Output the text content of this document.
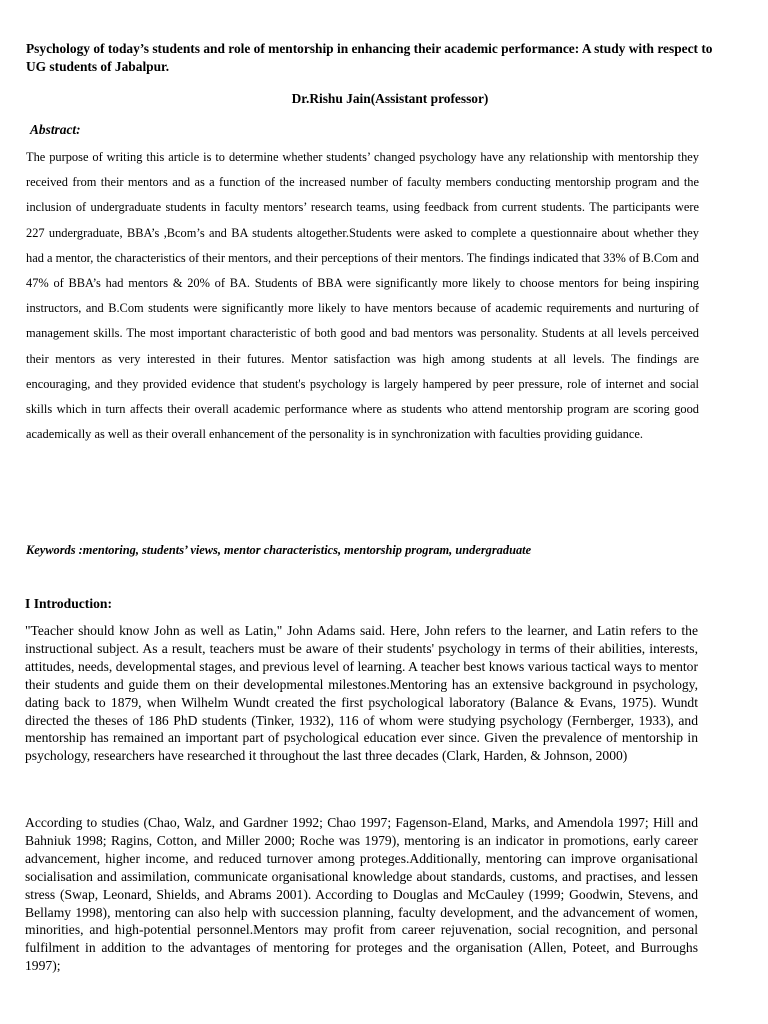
Psychology of today’s students and role of mentorship in enhancing their academic performance: A study with respect to UG students of Jabalpur.
Dr.Rishu Jain(Assistant professor)
Abstract:

The purpose of writing this article is to determine whether students’ changed psychology have any relationship with mentorship they received from their mentors and as a function of the increased number of faculty members conducting mentorship program and the inclusion of undergraduate students in faculty mentors’ research teams, using feedback from current students. The participants were 227 undergraduate, BBA’s ,Bcom’s and BA students altogether.Students were asked to complete a questionnaire about whether they had a mentor, the characteristics of their mentors, and their perceptions of their mentors. The findings indicated that 33% of B.Com and 47% of BBA’s had mentors & 20% of BA. Students of BBA were significantly more likely to choose mentors for being inspiring instructors, and B.Com students were significantly more likely to have mentors because of academic requirements and nurturing of management skills. The most important characteristic of both good and bad mentors was personality. Students at all levels perceived their mentors as very interested in their futures. Mentor satisfaction was high among students at all levels. The findings are encouraging, and they provided evidence that student's psychology is largely hampered by peer pressure, role of internet and social skills which in turn affects their overall academic performance where as students who attend mentorship program are scoring good academically as well as their overall enhancement of the personality is in synchronization with faculties providing guidance.

Keywords :mentoring, students’ views, mentor characteristics, mentorship program, undergraduate
I Introduction:

"Teacher should know John as well as Latin," John Adams said. Here, John refers to the learner, and Latin refers to the instructional subject. As a result, teachers must be aware of their students' psychology in terms of their abilities, interests, attitudes, needs, developmental stages, and previous level of learning. A teacher best knows various tactical ways to mentor their students and guide them on their developmental milestones.Mentoring has an extensive background in psychology, dating back to 1879, when Wilhelm Wundt created the first psychological laboratory (Balance & Evans, 1975). Wundt directed the theses of 186 PhD students (Tinker, 1932), 116 of whom were studying psychology (Fernberger, 1933), and mentorship has remained an important part of psychological education ever since. Given the prevalence of mentorship in psychology, researchers have researched it throughout the last three decades (Clark, Harden, & Johnson, 2000)

According to studies (Chao, Walz, and Gardner 1992; Chao 1997; Fagenson-Eland, Marks, and Amendola 1997; Hill and Bahniuk 1998; Ragins, Cotton, and Miller 2000; Roche was 1979), mentoring is an indicator in promotions, early career advancement, higher income, and reduced turnover among proteges.Additionally, mentoring can improve organisational socialisation and assimilation, communicate organisational knowledge about standards, customs, and practises, and lessen stress (Swap, Leonard, Shields, and Abrams 2001). According to Douglas and McCauley (1999; Goodwin, Stevens, and Bellamy 1998), mentoring can also help with succession planning, faculty development, and the advancement of women, minorities, and high-potential personnel.Mentors may profit from career rejuvenation, social recognition, and personal fulfilment in addition to the advantages of mentoring for proteges and the organisation (Allen, Poteet, and Burroughs 1997);
